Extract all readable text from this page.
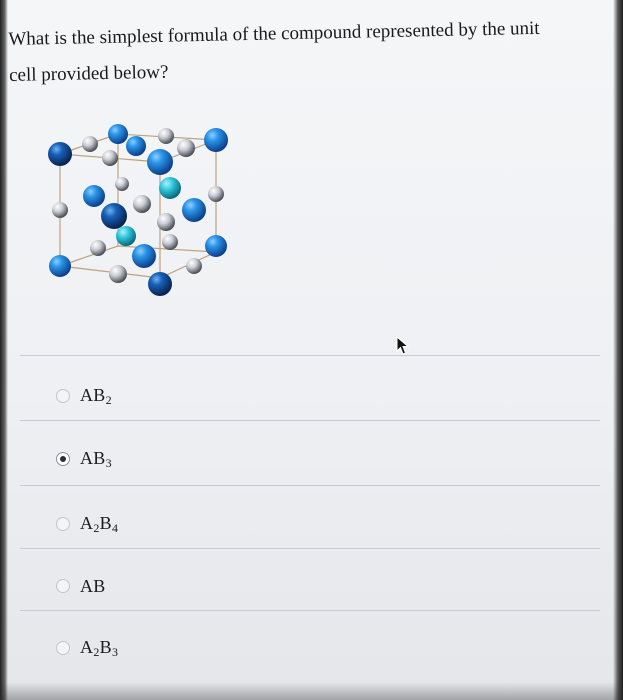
What is the simplest formula of the compound represented by the unit
cell provided below?
$AB_2$
$AB_3$
$A_2B_4$
AB
$A_2B_3$
